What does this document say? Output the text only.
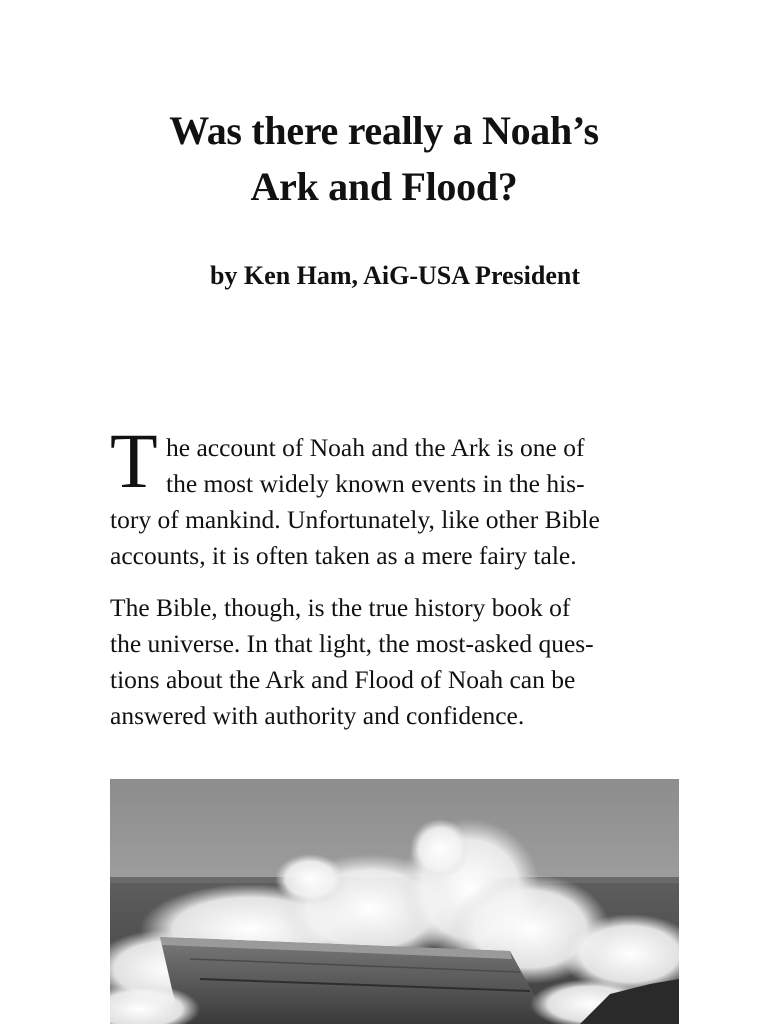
Was there really a Noah’s
Ark and Flood?

by Ken Ham, AiG-USA President

T he account of Noah and the Ark is one of
the most widely known events in the his-
tory of mankind. Unfortunately, like other Bible
accounts, it is often taken as a mere fairy tale.
The Bible, though, is the true history book of
the universe. In that light, the most-asked ques-
tions about the Ark and Flood of Noah can be
answered with authority and confidence.
